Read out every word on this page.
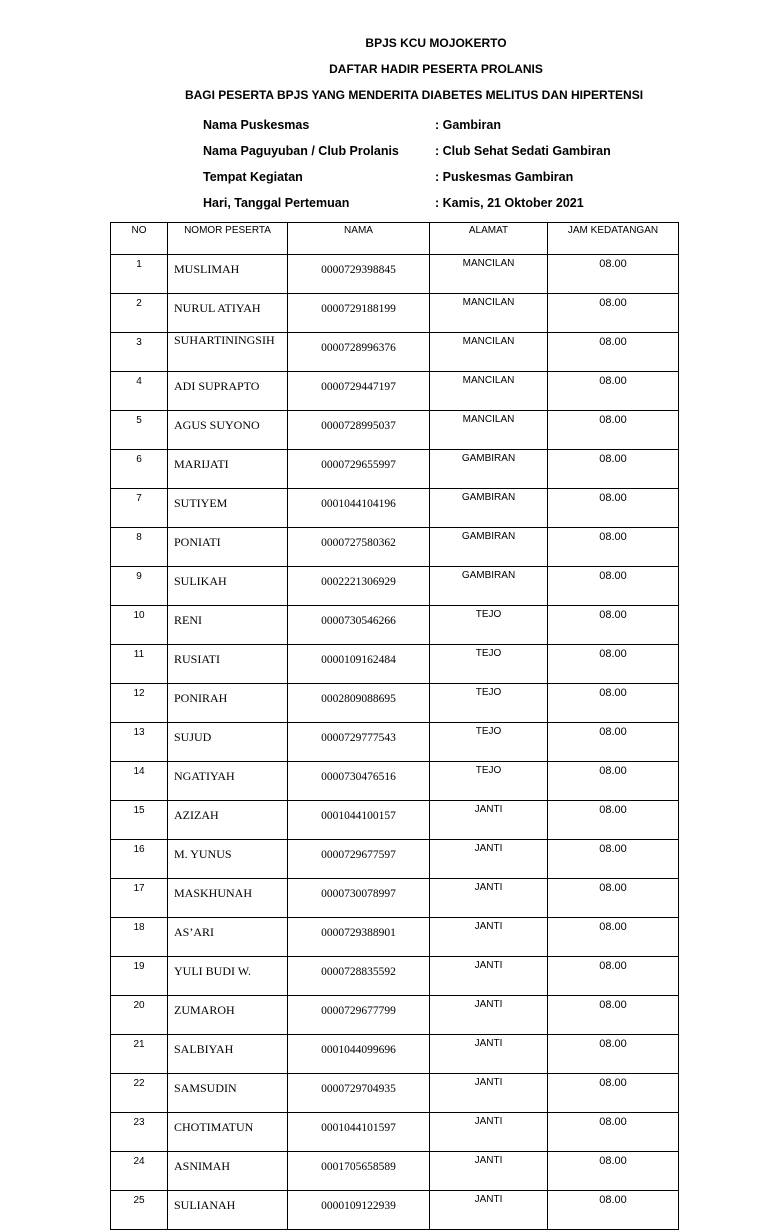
BPJS KCU MOJOKERTO
DAFTAR HADIR PESERTA PROLANIS
BAGI PESERTA BPJS YANG MENDERITA DIABETES MELITUS DAN HIPERTENSI
Nama Puskesmas	: Gambiran
Nama Paguyuban / Club Prolanis	: Club Sehat Sedati Gambiran
Tempat Kegiatan	: Puskesmas Gambiran
Hari, Tanggal Pertemuan	: Kamis, 21 Oktober 2021
NO	NOMOR PESERTA	NAMA	ALAMAT	JAM KEDATANGAN
1	MUSLIMAH	0000729398845	MANCILAN	08.00
2	NURUL ATIYAH	0000729188199	MANCILAN	08.00
3	SUHARTININGSIH	0000728996376	MANCILAN	08.00
4	ADI SUPRAPTO	0000729447197	MANCILAN	08.00
5	AGUS SUYONO	0000728995037	MANCILAN	08.00
6	MARIJATI	0000729655997	GAMBIRAN	08.00
7	SUTIYEM	0001044104196	GAMBIRAN	08.00
8	PONIATI	0000727580362	GAMBIRAN	08.00
9	SULIKAH	0002221306929	GAMBIRAN	08.00
10	RENI	0000730546266	TEJO	08.00
11	RUSIATI	0000109162484	TEJO	08.00
12	PONIRAH	0002809088695	TEJO	08.00
13	SUJUD	0000729777543	TEJO	08.00
14	NGATIYAH	0000730476516	TEJO	08.00
15	AZIZAH	0001044100157	JANTI	08.00
16	M. YUNUS	0000729677597	JANTI	08.00
17	MASKHUNAH	0000730078997	JANTI	08.00
18	AS’ARI	0000729388901	JANTI	08.00
19	YULI BUDI W.	0000728835592	JANTI	08.00
20	ZUMAROH	0000729677799	JANTI	08.00
21	SALBIYAH	0001044099696	JANTI	08.00
22	SAMSUDIN	0000729704935	JANTI	08.00
23	CHOTIMATUN	0001044101597	JANTI	08.00
24	ASNIMAH	0001705658589	JANTI	08.00
25	SULIANAH	0000109122939	JANTI	08.00
